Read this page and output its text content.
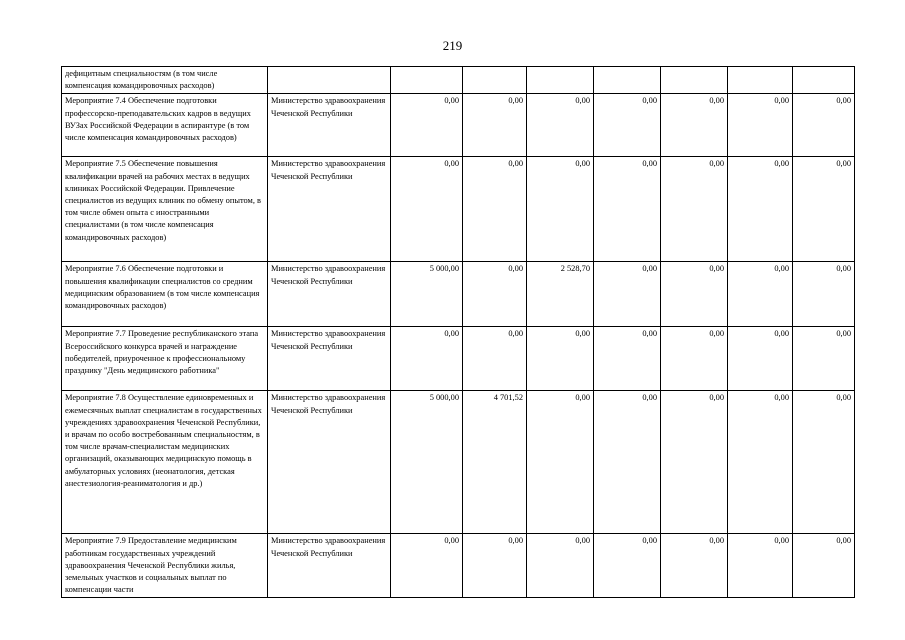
219
дефицитным специальностям (в том числе компенсация командировочных расходов)								
Мероприятие 7.4 Обеспечение подготовки профессорско-преподавательских кадров в ведущих ВУЗах Российской Федерации в аспирантуре (в том числе компенсация командировочных расходов)	Министерство здравоохранения Чеченской Республики	0,00	0,00	0,00	0,00	0,00	0,00	0,00
Мероприятие 7.5 Обеспечение повышения квалификации врачей на рабочих местах в ведущих клиниках Российской Федерации. Привлечение специалистов из ведущих клиник по обмену опытом, в том числе обмен опыта с иностранными специалистами (в том числе компенсация командировочных расходов)	Министерство здравоохранения Чеченской Республики	0,00	0,00	0,00	0,00	0,00	0,00	0,00
Мероприятие 7.6 Обеспечение подготовки и повышения квалификации специалистов со средним медицинским образованием (в том числе компенсация командировочных расходов)	Министерство здравоохранения Чеченской Республики	5 000,00	0,00	2 528,70	0,00	0,00	0,00	0,00
Мероприятие 7.7 Проведение республиканского этапа Всероссийского конкурса врачей и награждение победителей, приуроченное к профессиональному празднику "День медицинского работника"	Министерство здравоохранения Чеченской Республики	0,00	0,00	0,00	0,00	0,00	0,00	0,00
Мероприятие 7.8 Осуществление единовременных и ежемесячных выплат специалистам в государственных учреждениях здравоохранения Чеченской Республики, и врачам по особо востребованным специальностям, в том числе врачам-специалистам медицинских организаций, оказывающих медицинскую помощь в амбулаторных условиях (неонатология, детская анестезиология-реаниматология и др.)	Министерство здравоохранения Чеченской Республики	5 000,00	4 701,52	0,00	0,00	0,00	0,00	0,00
Мероприятие 7.9 Предоставление медицинским работникам государственных учреждений здравоохранения Чеченской Республики жилья, земельных участков и социальных выплат по компенсации части	Министерство здравоохранения Чеченской Республики	0,00	0,00	0,00	0,00	0,00	0,00	0,00
